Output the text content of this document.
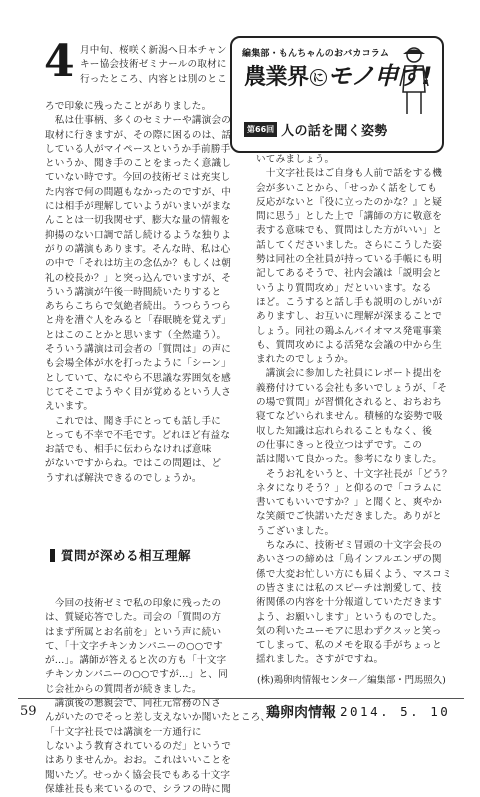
編集部・もんちゃんのおバカコラム
農業界 に モノ申す!
第66回 人の話を聞く姿勢
4 月中旬、桜咲く新潟へ日本チャン
キー協会技術ゼミナールの取材に
行ったところ、内容とは別のとこ
ろで印象に残ったことがありました。
　私は仕事柄、多くのセミナーや講演会の
取材に行きますが、その際に困るのは、話
している人がマイペースというか手前勝手
というか、聞き手のことをまったく意識し
ていない時です。今回の技術ゼミは充実し
た内容で何の問題もなかったのですが、中
には相手が理解していようがいまいがまな
んことは一切我関せず、膨大な量の情報を
抑揚のない口調で話し続けるような独りよ
がりの講演もあります。そんな時、私は心
の中で「それは坊主の念仏か？もしくは朝
礼の校長か？」と突っ込んでいますが、そ
ういう講演が午後一時間続いたりすると
あちらこちらで気絶者続出。うつらうつら
と舟を漕ぐ人をみると「春眠暁を覚えず」
とはこのことかと思います（全然違う）。
そういう講演は司会者の「質問は」の声に
も会場全体が水を打ったように「シーン」
としていて、なにやら不思議な雰囲気を感
じてそこでようやく目が覚めるという人さ
えいます。
　これでは、聞き手にとっても話し手に
とっても不幸で不毛です。どれほど有益な
お話でも、相手に伝わらなければ意味
がないですからね。ではこの問題は、ど
うすれば解決できるのでしょうか。
質問が深める相互理解
　今回の技術ゼミで私の印象に残ったの
は、質疑応答でした。司会の「質問の方
はまず所属とお名前を」という声に続い
て、「十文字チキンカンパニーの○○です
が…」。講師が答えると次の方も「十文字
チキンカンパニーの○○ですが…」と、同
じ会社からの質問者が続きました。
　講演後の懇親会で、同社元常務のＮさ
んがいたのでそっと差し支えないか聞いたところ、
「十文字社長では講演を一方通行に
しないよう教育されているのだ」というで
はありませんか。おお。これはいいことを
聞いたゾ。せっかく協会長でもある十文字
保雄社長も来ているので、シラフの時に聞
いてみましょう。
　十文字社長はご自身も人前で話をする機
会が多いことから、「せっかく話をしても
反応がないと『役に立ったのかな？』と疑
問に思う」とした上で「講師の方に敬意を
表する意味でも、質問はした方がいい」と
話してくださいました。さらにこうした姿
勢は同社の全社員が持っている手帳にも明
記してあるそうで、社内会議は「説明会と
いうより質問攻め」だといいます。なる
ほど。こうすると話し手も説明のしがいが
ありますし、お互いに理解が深まることで
しょう。同社の鶏ふんバイオマス発電事業
も、質問攻めによる活発な会議の中から生
まれたのでしょうか。
　講演会に参加した社員にレポート提出を
義務付けている会社も多いでしょうが、「そ
の場で質問」が習慣化されると、おちおち
寝てなどいられません。積極的な姿勢で吸
収した知識は忘れられることもなく、後
の仕事にきっと役立つはずです。この
話は聞いて良かった。参考になりました。
　そうお礼をいうと、十文字社長が「どう？
ネタになりそう？」と仰るので「コラムに
書いてもいいですか？」と聞くと、爽やか
な笑顔でご快諾いただきました。ありがと
うございました。
　ちなみに、技術ゼミ冒頭の十文字会長の
あいさつの締めは「鳥インフルエンザの関
係で大変お忙しい方にも届くよう、マスコミ
の皆さまには私のスピーチは割愛して、技
術関係の内容を十分報道していただきます
よう、お願いします」というものでした。
気の利いたユーモアに思わずクスッと笑っ
てしまって、私のメモを取る手がちょっと
揺れました。さすがですね。
(株)鶏卵肉情報センター／編集部・門馬照久)
59	鶏卵肉情報 2014. 5. 10
